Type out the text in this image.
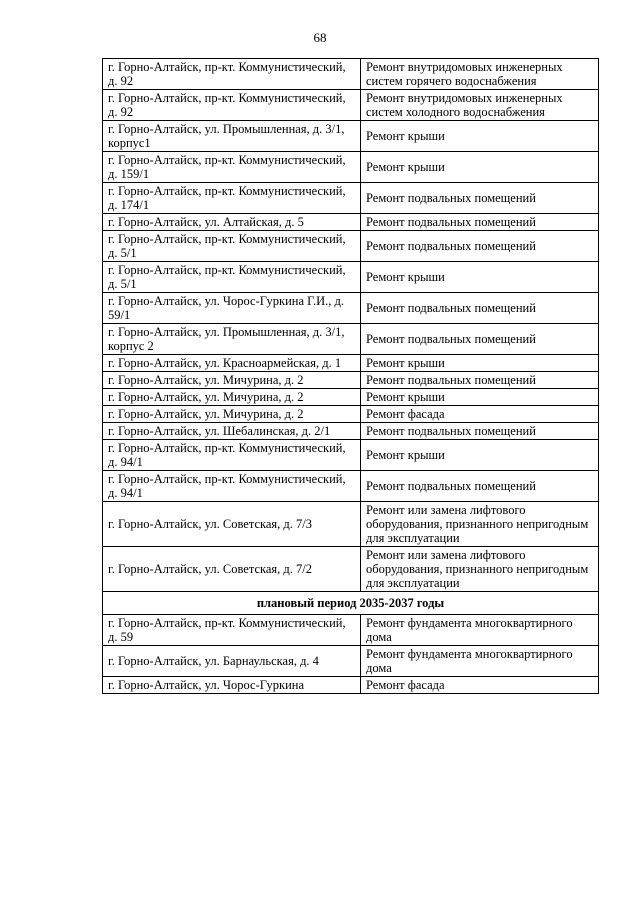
68
г. Горно-Алтайск, пр-кт. Коммунистический, д. 92	Ремонт внутридомовых инженерных систем горячего водоснабжения
г. Горно-Алтайск, пр-кт. Коммунистический, д. 92	Ремонт внутридомовых инженерных систем холодного водоснабжения
г. Горно-Алтайск, ул. Промышленная, д. 3/1, корпус1	Ремонт крыши
г. Горно-Алтайск, пр-кт. Коммунистический, д. 159/1	Ремонт крыши
г. Горно-Алтайск, пр-кт. Коммунистический, д. 174/1	Ремонт подвальных помещений
г. Горно-Алтайск, ул. Алтайская, д. 5	Ремонт подвальных помещений
г. Горно-Алтайск, пр-кт. Коммунистический, д. 5/1	Ремонт подвальных помещений
г. Горно-Алтайск, пр-кт. Коммунистический, д. 5/1	Ремонт крыши
г. Горно-Алтайск, ул. Чорос-Гуркина Г.И., д. 59/1	Ремонт подвальных помещений
г. Горно-Алтайск, ул. Промышленная, д. 3/1, корпус 2	Ремонт подвальных помещений
г. Горно-Алтайск, ул. Красноармейская, д. 1	Ремонт крыши
г. Горно-Алтайск, ул. Мичурина, д. 2	Ремонт подвальных помещений
г. Горно-Алтайск, ул. Мичурина, д. 2	Ремонт крыши
г. Горно-Алтайск, ул. Мичурина, д. 2	Ремонт фасада
г. Горно-Алтайск, ул. Шебалинская, д. 2/1	Ремонт подвальных помещений
г. Горно-Алтайск, пр-кт. Коммунистический, д. 94/1	Ремонт крыши
г. Горно-Алтайск, пр-кт. Коммунистический, д. 94/1	Ремонт подвальных помещений
г. Горно-Алтайск, ул. Советская, д. 7/3	Ремонт или замена лифтового оборудования, признанного непригодным для эксплуатации
г. Горно-Алтайск, ул. Советская, д. 7/2	Ремонт или замена лифтового оборудования, признанного непригодным для эксплуатации
плановый период 2035-2037 годы	
г. Горно-Алтайск, пр-кт. Коммунистический, д. 59	Ремонт фундамента многоквартирного дома
г. Горно-Алтайск, ул. Барнаульская, д. 4	Ремонт фундамента многоквартирного дома
г. Горно-Алтайск, ул. Чорос-Гуркина	Ремонт фасада
